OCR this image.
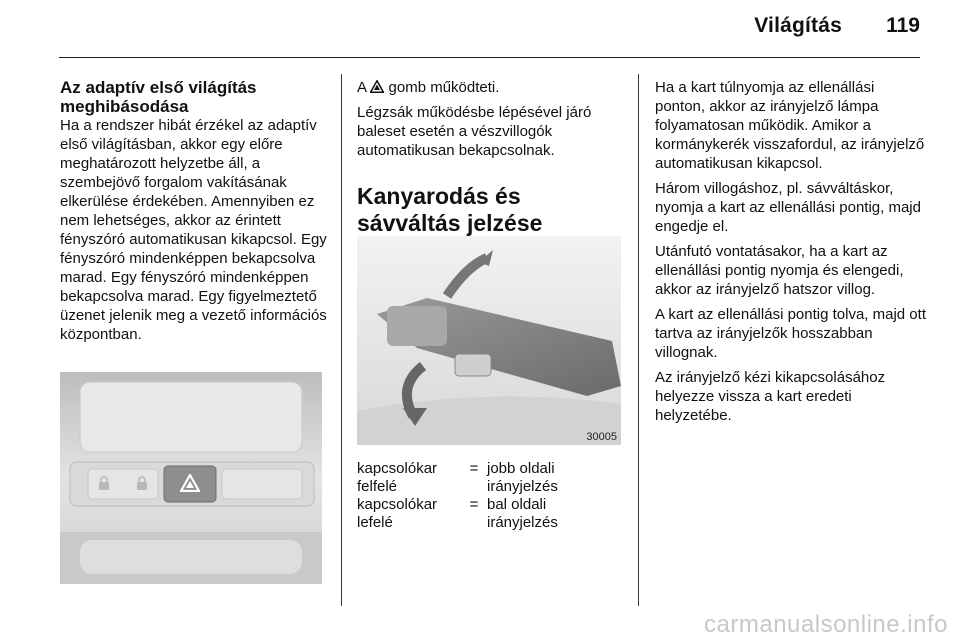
Világítás 119
Az adaptív első világítás meghibásodása

Ha a rendszer hibát érzékel az adaptív első világításban, akkor egy előre meghatározott helyzetbe áll, a szembejövő forgalom vakításának elkerülése érdekében. Amennyiben ez nem lehetséges, akkor az érintett fényszóró automatikusan kikapcsol. Egy fényszóró mindenképpen bekapcsolva marad. Egy fényszóró mindenképpen bekapcsolva marad. Egy figyelmeztető üzenet jelenik meg a vezető információs központban.

A gomb működteti.

Légzsák működésbe lépésével járó baleset esetén a vészvillogók automatikusan bekapcsolnak.

Kanyarodás és sávváltás jelzése
30005
kapcsolókar felfelé	=	jobb oldali irányjelzés
kapcsolókar lefelé	=	bal oldali irányjelzés

Ha a kart túlnyomja az ellenállási ponton, akkor az irányjelző lámpa folyamatosan működik. Amikor a kormánykerék visszafordul, az irányjelző automatikusan kikapcsol.

Három villogáshoz, pl. sávváltáskor, nyomja a kart az ellenállási pontig, majd engedje el.

Utánfutó vontatásakor, ha a kart az ellenállási pontig nyomja és elengedi, akkor az irányjelző hatszor villog.

A kart az ellenállási pontig tolva, majd ott tartva az irányjelzők hosszabban villognak.

Az irányjelző kézi kikapcsolásához helyezze vissza a kart eredeti helyzetébe.

carmanualsonline.info
